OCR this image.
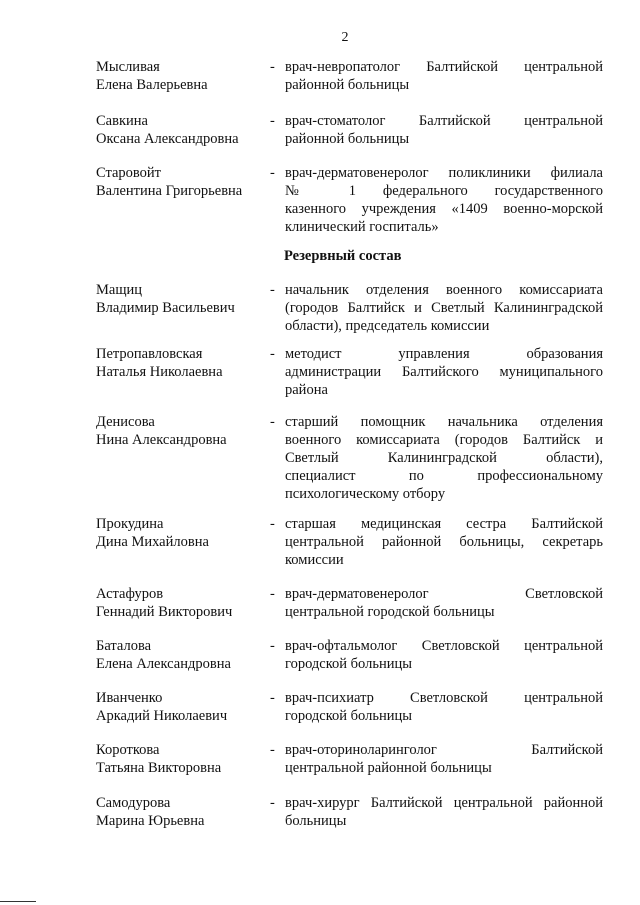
2
Резервный состав
Мысливая
Елена Валерьевна
- врач-невропатолог Балтийской центральной
районной больницы
Савкина
Оксана Александровна
- врач-стоматолог Балтийской центральной
районной больницы
Старовойт
Валентина Григорьевна
- врач-дерматовенеролог поликлиники филиала
№ 1 федерального государственного
казенного учреждения «1409 военно-морской
клинический госпиталь»
Мащиц
Владимир Васильевич
- начальник отделения военного комиссариата
(городов Балтийск и Светлый Калининградской
области), председатель комиссии
Петропавловская
Наталья Николаевна
- методист управления образования
администрации Балтийского муниципального
района
Денисова
Нина Александровна
- старший помощник начальника отделения
военного комиссариата (городов Балтийск и
Светлый Калининградской области),
специалист по профессиональному
психологическому отбору
Прокудина
Дина Михайловна
- старшая медицинская сестра Балтийской
центральной районной больницы, секретарь
комиссии
Астафуров
Геннадий Викторович
- врач-дерматовенеролог Светловской
центральной городской больницы
Баталова
Елена Александровна
- врач-офтальмолог Светловской центральной
городской больницы
Иванченко
Аркадий Николаевич
- врач-психиатр Светловской центральной
городской больницы
Короткова
Татьяна Викторовна
- врач-оториноларинголог Балтийской
центральной районной больницы
Самодурова
Марина Юрьевна
- врач-хирург Балтийской центральной районной
больницы
